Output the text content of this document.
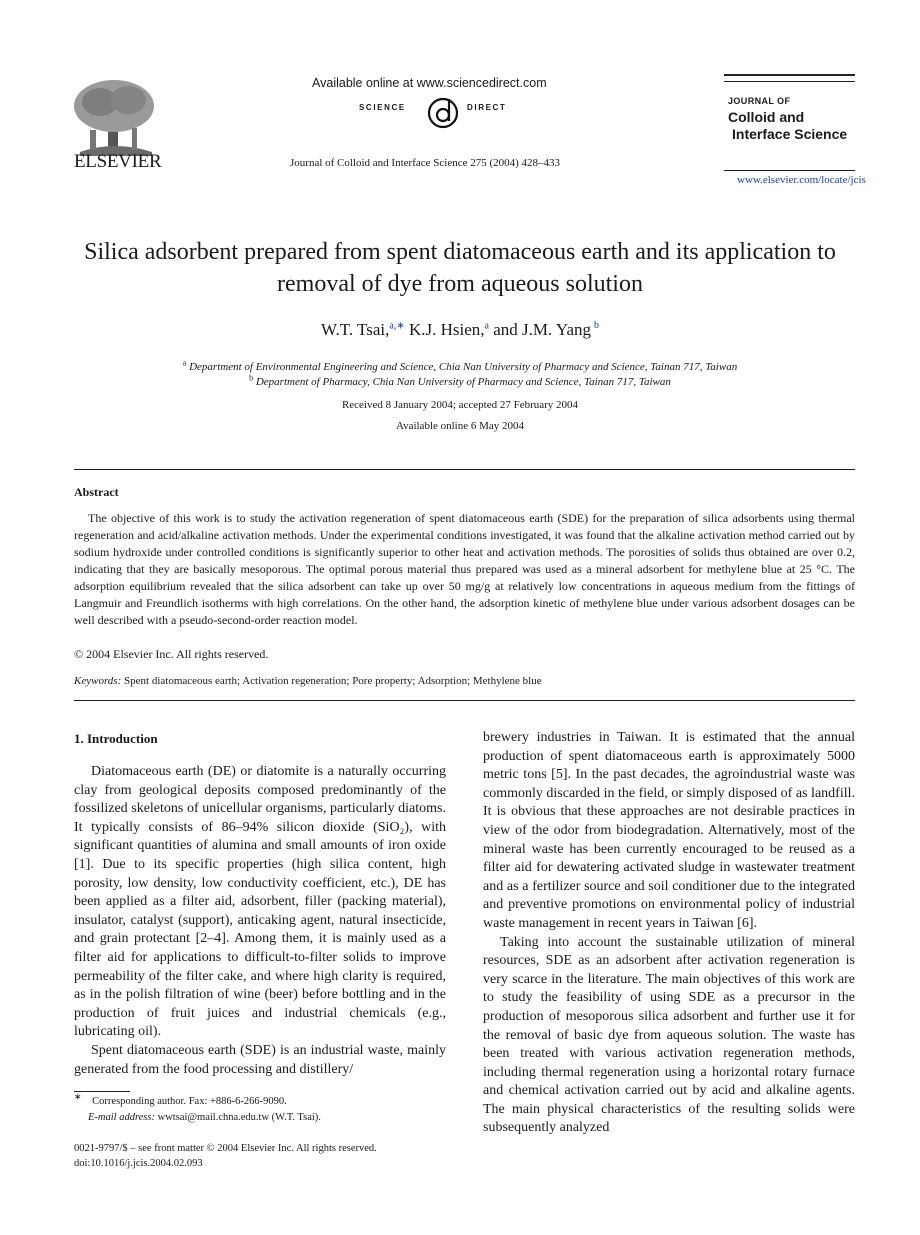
ELSEVIER
Available online at www.sciencedirect.com
SCIENCE	DIRECT
Journal of Colloid and Interface Science 275 (2004) 428–433
JOURNAL OF
Colloid and
Interface Science
www.elsevier.com/locate/jcis
Silica adsorbent prepared from spent diatomaceous earth and its application to removal of dye from aqueous solution
W.T. Tsai,$^{a,∗}$ K.J. Hsien,$^a$ and J.M. Yang $^b$
$^a$ Department of Environmental Engineering and Science, Chia Nan University of Pharmacy and Science, Tainan 717, Taiwan
$^b$ Department of Pharmacy, Chia Nan University of Pharmacy and Science, Tainan 717, Taiwan
Received 8 January 2004; accepted 27 February 2004
Available online 6 May 2004
Abstract

The objective of this work is to study the activation regeneration of spent diatomaceous earth (SDE) for the preparation of silica adsorbents using thermal regeneration and acid/alkaline activation methods. Under the experimental conditions investigated, it was found that the alkaline activation method carried out by sodium hydroxide under controlled conditions is significantly superior to other heat and activation methods. The porosities of solids thus obtained are over 0.2, indicating that they are basically mesoporous. The optimal porous material thus prepared was used as a mineral adsorbent for methylene blue at 25 °C. The adsorption equilibrium revealed that the silica adsorbent can take up over 50 mg/g at relatively low concentrations in aqueous medium from the fittings of Langmuir and Freundlich isotherms with high correlations. On the other hand, the adsorption kinetic of methylene blue under various adsorbent dosages can be well described with a pseudo-second-order reaction model.

© 2004 Elsevier Inc. All rights reserved.
Keywords: Spent diatomaceous earth; Activation regeneration; Pore property; Adsorption; Methylene blue
1. Introduction

Diatomaceous earth (DE) or diatomite is a naturally occurring clay from geological deposits composed predominantly of the fossilized skeletons of unicellular organisms, particularly diatoms. It typically consists of 86–94% silicon dioxide (SiO₂), with significant quantities of alumina and small amounts of iron oxide [1]. Due to its specific properties (high silica content, high porosity, low density, low conductivity coefficient, etc.), DE has been applied as a filter aid, adsorbent, filler (packing material), insulator, catalyst (support), anticaking agent, natural insecticide, and grain protectant [2–4]. Among them, it is mainly used as a filter aid for applications to difficult-to-filter solids to improve permeability of the filter cake, and where high clarity is required, as in the polish filtration of wine (beer) before bottling and in the production of fruit juices and industrial chemicals (e.g., lubricating oil).

Spent diatomaceous earth (SDE) is an industrial waste, mainly generated from the food processing and distillery/

brewery industries in Taiwan. It is estimated that the annual production of spent diatomaceous earth is approximately 5000 metric tons [5]. In the past decades, the agroindustrial waste was commonly discarded in the field, or simply disposed of as landfill. It is obvious that these approaches are not desirable practices in view of the odor from biodegradation. Alternatively, most of the mineral waste has been currently encouraged to be reused as a filter aid for dewatering activated sludge in wastewater treatment and as a fertilizer source and soil conditioner due to the integrated and preventive promotions on environmental policy of industrial waste management in recent years in Taiwan [6].

Taking into account the sustainable utilization of mineral resources, SDE as an adsorbent after activation regeneration is very scarce in the literature. The main objectives of this work are to study the feasibility of using SDE as a precursor in the production of mesoporous silica adsorbent and further use it for the removal of basic dye from aqueous solution. The waste has been treated with various activation regeneration methods, including thermal regeneration using a horizontal rotary furnace and chemical activation carried out by acid and alkaline agents. The main physical characteristics of the resulting solids were subsequently analyzed

∗ Corresponding author. Fax: +886-6-266-9090.
E-mail address: wwtsai@mail.chna.edu.tw (W.T. Tsai).
0021-9797/$ – see front matter © 2004 Elsevier Inc. All rights reserved.
doi:10.1016/j.jcis.2004.02.093
